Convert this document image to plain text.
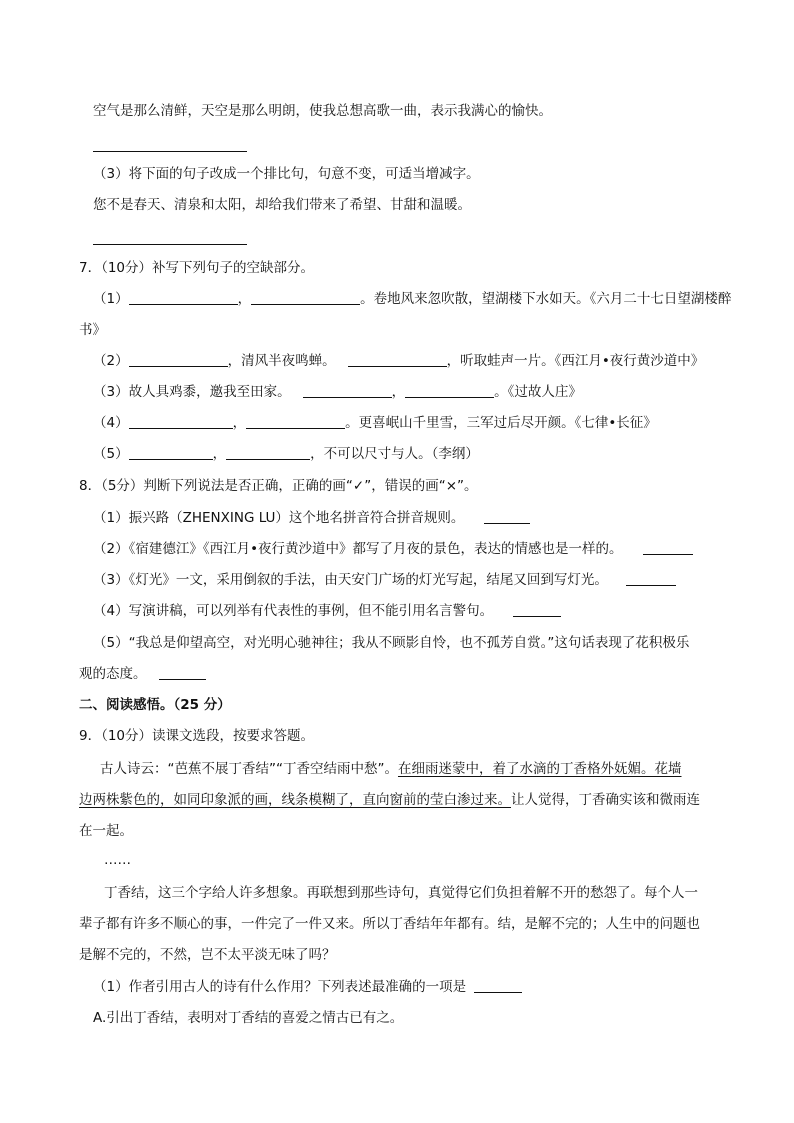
空气是那么清鲜，天空是那么明朗，使我总想高歌一曲，表示我满心的愉快。
（3）将下面的句子改成一个排比句，句意不变，可适当增减字。
您不是春天、清泉和太阳，却给我们带来了希望、甘甜和温暖。
7．（10分）补写下列句子的空缺部分。
（1）	，	。卷地风来忽吹散，望湖楼下水如天。《六月二十七日望湖楼醉
书》
（2）	，清风半夜鸣蝉。	，听取蛙声一片。《西江月•夜行黄沙道中》
（3）故人具鸡黍，邀我至田家。	，	。《过故人庄》
（4）	，	。更喜岷山千里雪，三军过后尽开颜。《七律•长征》
（5）	，	，不可以尺寸与人。（李纲）
8．（5分）判断下列说法是否正确，正确的画“✓”，错误的画“×”。
（1）振兴路（ZHENXING LU）这个地名拼音符合拼音规则。
（2）《宿建德江》《西江月•夜行黄沙道中》都写了月夜的景色，表达的情感也是一样的。
（3）《灯光》一文，采用倒叙的手法，由天安门广场的灯光写起，结尾又回到写灯光。
（4）写演讲稿，可以列举有代表性的事例，但不能引用名言警句。
（5）“我总是仰望高空，对光明心驰神往；我从不顾影自怜，也不孤芳自赏。”这句话表现了花积极乐
观的态度。
二、阅读感悟。（25 分）
9．（10分）读课文选段，按要求答题。
古人诗云：“芭蕉不展丁香结”“丁香空结雨中愁”。在细雨迷蒙中，着了水滴的丁香格外妩媚。花墙
边两株紫色的，如同印象派的画，线条模糊了，直向窗前的莹白渗过来。让人觉得，丁香确实该和微雨连
在一起。
……
丁香结，这三个字给人许多想象。再联想到那些诗句，真觉得它们负担着解不开的愁怨了。每个人一
辈子都有许多不顺心的事，一件完了一件又来。所以丁香结年年都有。结，是解不完的；人生中的问题也
是解不完的，不然，岂不太平淡无味了吗？
（1）作者引用古人的诗有什么作用？下列表述最准确的一项是
A.引出丁香结，表明对丁香结的喜爱之情古已有之。
